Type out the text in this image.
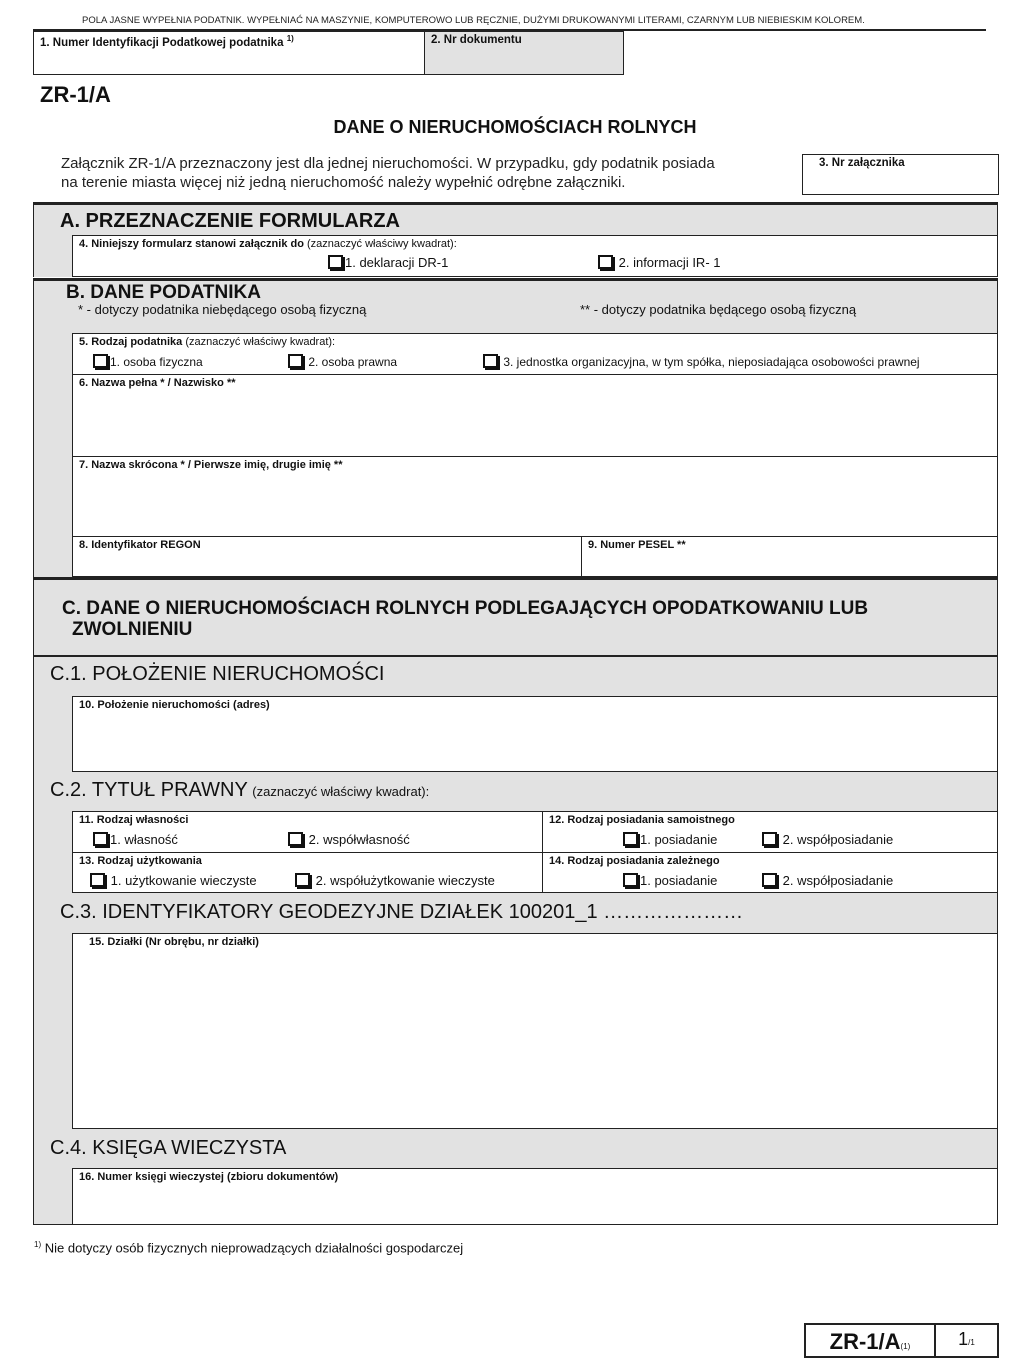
POLA JASNE WYPEŁNIA PODATNIK. WYPEŁNIAĆ NA MASZYNIE, KOMPUTEROWO LUB RĘCZNIE, DUŻYMI DRUKOWANYMI LITERAMI, CZARNYM LUB NIEBIESKIM KOLOREM.
1. Numer Identyfikacji Podatkowej podatnika $^{1)}$	2. Nr dokumentu
ZR-1/A
DANE O NIERUCHOMOŚCIACH ROLNYCH
Załącznik ZR-1/A przeznaczony jest dla jednej nieruchomości. W przypadku, gdy podatnik posiada
na terenie miasta więcej niż jedną nieruchomość należy wypełnić odrębne załączniki.
3. Nr załącznika
A. PRZEZNACZENIE FORMULARZA
4. Niniejszy formularz stanowi załącznik do (zaznaczyć właściwy kwadrat):
1. deklaracji DR-1	2. informacji IR- 1
B. DANE PODATNIKA
* - dotyczy podatnika niebędącego osobą fizyczną	** - dotyczy podatnika będącego osobą fizyczną
5. Rodzaj podatnika (zaznaczyć właściwy kwadrat):
1. osoba fizyczna	2. osoba prawna	3. jednostka organizacyjna, w tym spółka, nieposiadająca osobowości prawnej
6. Nazwa pełna * / Nazwisko **
7. Nazwa skrócona * / Pierwsze imię, drugie imię **
8. Identyfikator REGON	9. Numer PESEL **
C. DANE O NIERUCHOMOŚCIACH ROLNYCH PODLEGAJĄCYCH OPODATKOWANIU LUB
ZWOLNIENIU
C.1. POŁOŻENIE NIERUCHOMOŚCI
10. Położenie nieruchomości (adres)
C.2. TYTUŁ PRAWNY (zaznaczyć właściwy kwadrat):
11. Rodzaj własności
1. własność	2. współwłasność
12. Rodzaj posiadania samoistnego
1. posiadanie	2. współposiadanie
13. Rodzaj użytkowania
1. użytkowanie wieczyste	2. współużytkowanie wieczyste
14. Rodzaj posiadania zależnego
1. posiadanie	2. współposiadanie
C.3. IDENTYFIKATORY GEODEZYJNE DZIAŁEK 100201_1 …………………
15. Działki (Nr obrębu, nr działki)
C.4. KSIĘGA WIECZYSTA
16. Numer księgi wieczystej (zbioru dokumentów)
$^{1)}$ Nie dotyczy osób fizycznych nieprowadzących działalności gospodarczej
ZR-1/A(1)	1/1
